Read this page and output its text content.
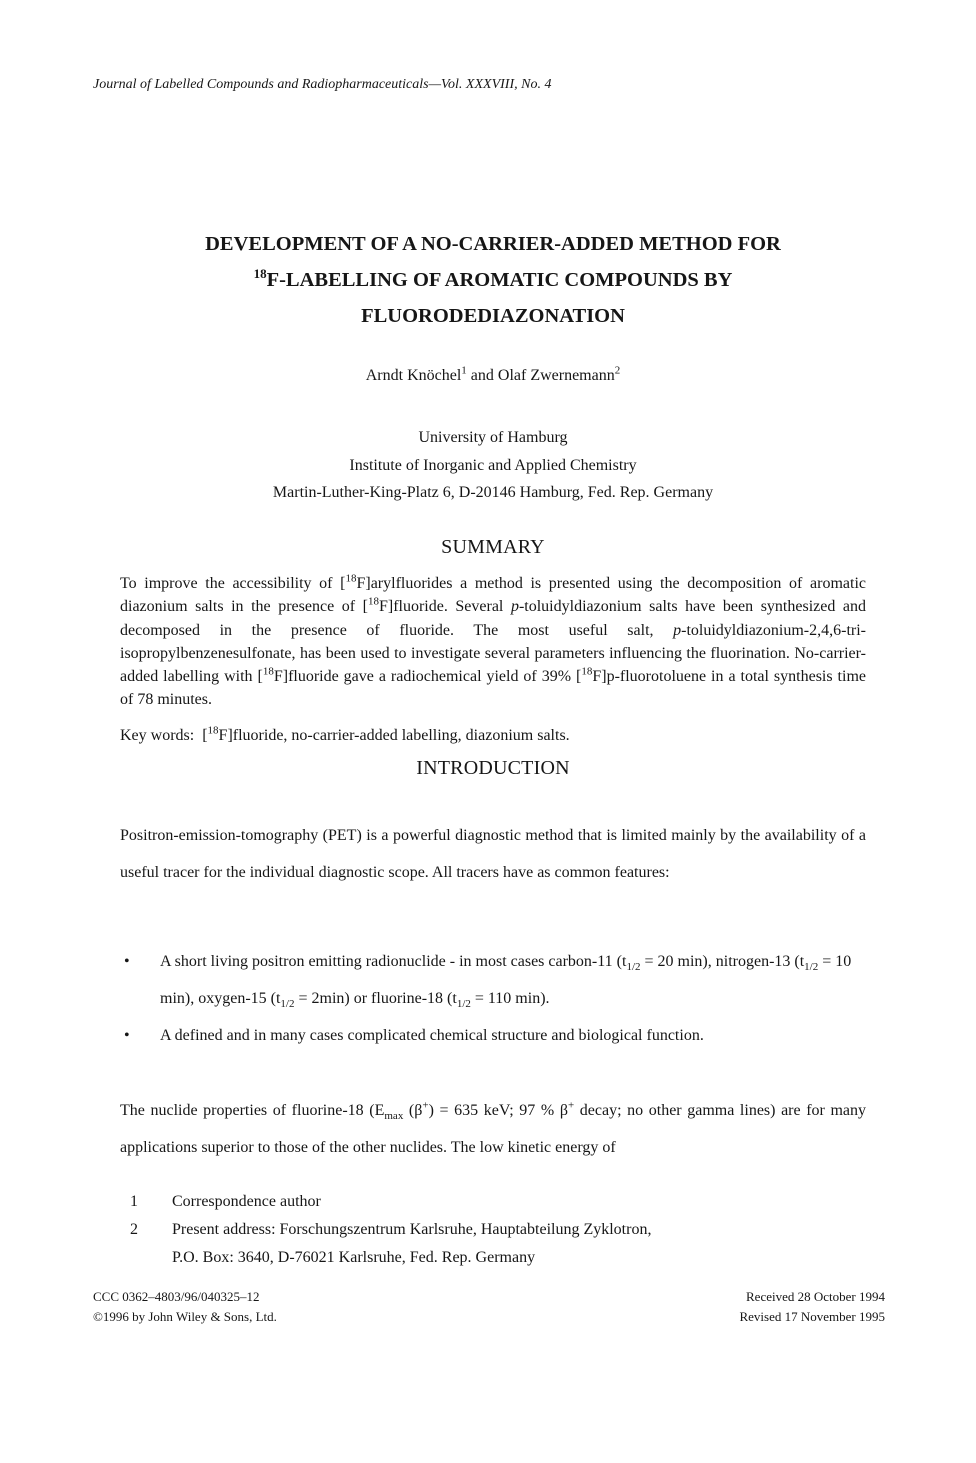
Journal of Labelled Compounds and Radiopharmaceuticals—Vol. XXXVIII, No. 4
DEVELOPMENT OF A NO-CARRIER-ADDED METHOD FOR
$^{18}$F-LABELLING OF AROMATIC COMPOUNDS BY
FLUORODEDIAZONATION
Arndt Knöchel$^1$ and Olaf Zwernemann$^2$
University of Hamburg
Institute of Inorganic and Applied Chemistry
Martin-Luther-King-Platz 6, D-20146 Hamburg, Fed. Rep. Germany
SUMMARY
To improve the accessibility of [$^{18}$F]arylfluorides a method is presented using the decomposition of aromatic diazonium salts in the presence of [$^{18}$F]fluoride. Several p-toluidyldiazonium salts have been synthesized and decomposed in the presence of fluoride. The most useful salt, p-toluidyldiazonium-2,4,6-tri-isopropylbenzenesulfonate, has been used to investigate several parameters influencing the fluorination. No-carrier-added labelling with [$^{18}$F]fluoride gave a radiochemical yield of 39% [$^{18}$F]p-fluorotoluene in a total synthesis time of 78 minutes.
Key words:  [$^{18}$F]fluoride, no-carrier-added labelling, diazonium salts.
INTRODUCTION
Positron-emission-tomography (PET) is a powerful diagnostic method that is limited mainly by the availability of a useful tracer for the individual diagnostic scope. All tracers have as common features:
• A short living positron emitting radionuclide - in most cases carbon-11 ($t_{1/2} = 20$ min), nitrogen-13 ($t_{1/2} = 10$ min), oxygen-15 $(t_{1/2} = 2\min)$ or fluorine-18 ($t_{1/2} = 110$ min).
• A defined and in many cases complicated chemical structure and biological function.
The nuclide properties of fluorine-18 ($E_{max}$ (β+) = 635 keV; 97 % β+ decay; no other gamma lines) are for many applications superior to those of the other nuclides. The low kinetic energy of
1 Correspondence author
2 Present address: Forschungszentrum Karlsruhe, Hauptabteilung Zyklotron,
P.O. Box: 3640, D-76021 Karlsruhe, Fed. Rep. Germany
CCC 0362–4803/96/040325–12
©1996 by John Wiley & Sons, Ltd.
Received 28 October 1994
Revised 17 November 1995
